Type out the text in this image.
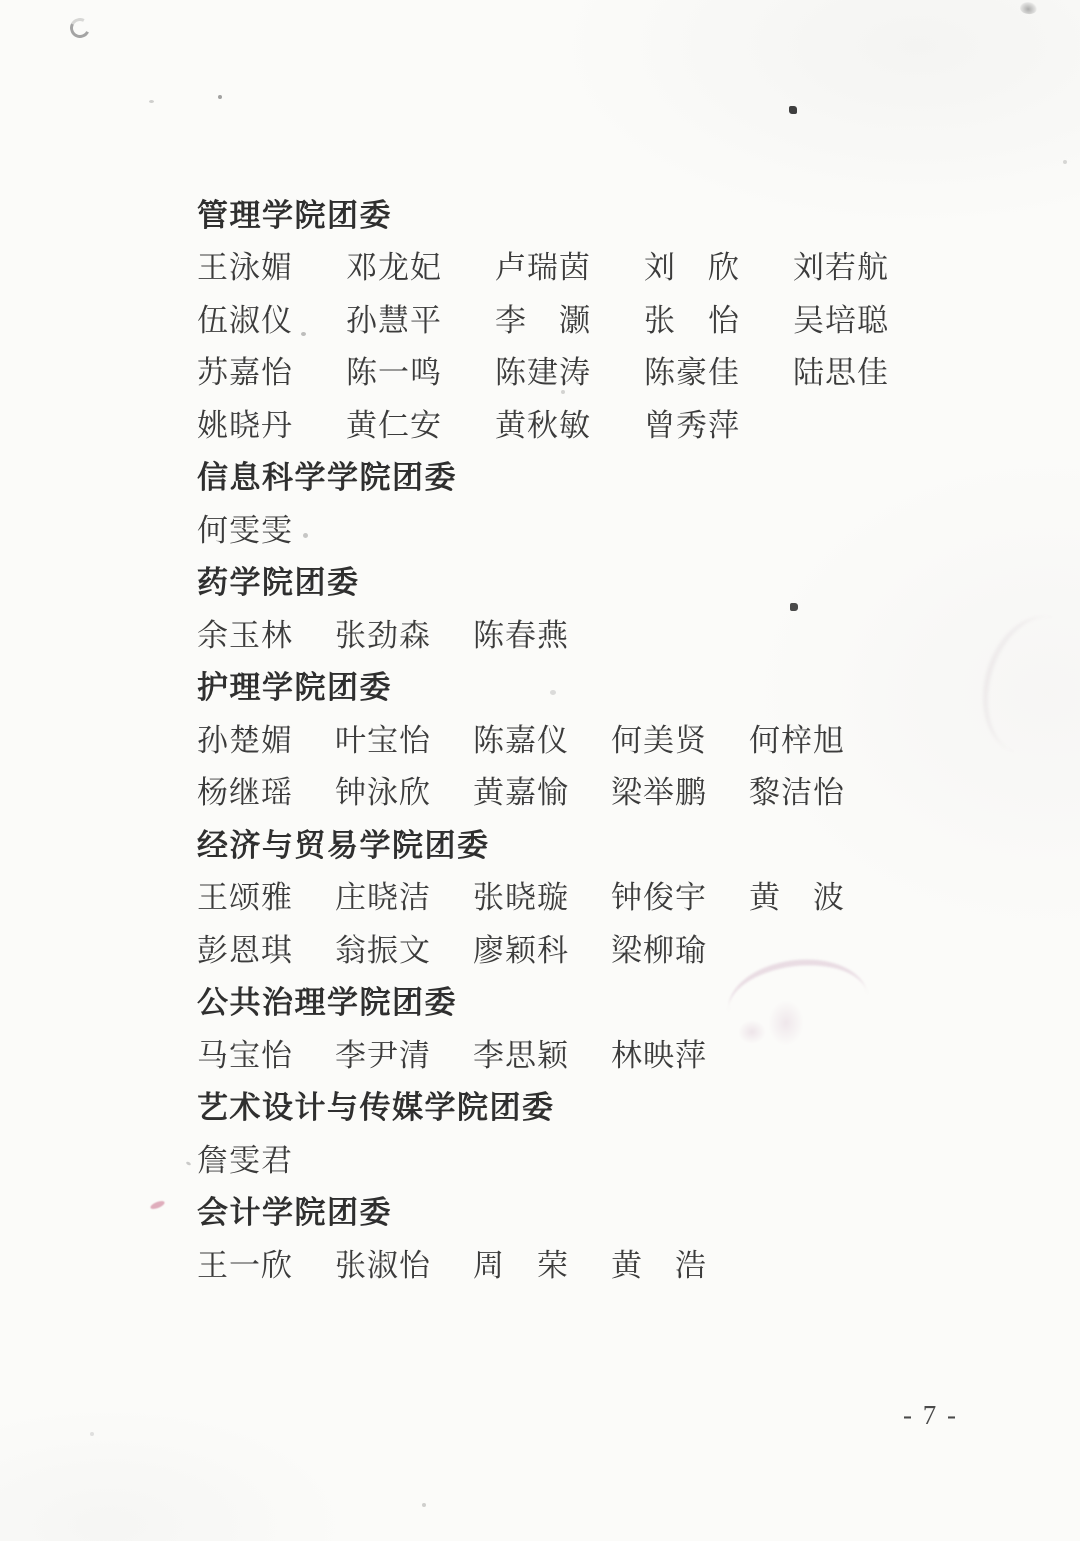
管理学院团委
王泳媚	邓龙妃	卢瑞茵	刘　欣	刘若航
伍淑仪	孙慧平	李　灏	张　怡	吴培聪
苏嘉怡	陈一鸣	陈建涛	陈豪佳	陆思佳
姚晓丹	黄仁安	黄秋敏	曾秀萍
信息科学学院团委
何雯雯
药学院团委
余玉林	张劲森	陈春燕
护理学院团委
孙楚媚	叶宝怡	陈嘉仪	何美贤	何梓旭
杨继瑶	钟泳欣	黄嘉愉	梁举鹏	黎洁怡
经济与贸易学院团委
王颂雅	庄晓洁	张晓璇	钟俊宇	黄　波
彭恩琪	翁振文	廖颖科	梁柳瑜
公共治理学院团委
马宝怡	李尹清	李思颖	林映萍
艺术设计与传媒学院团委
詹雯君
会计学院团委
王一欣	张淑怡	周　荣	黄　浩
- 7 -
